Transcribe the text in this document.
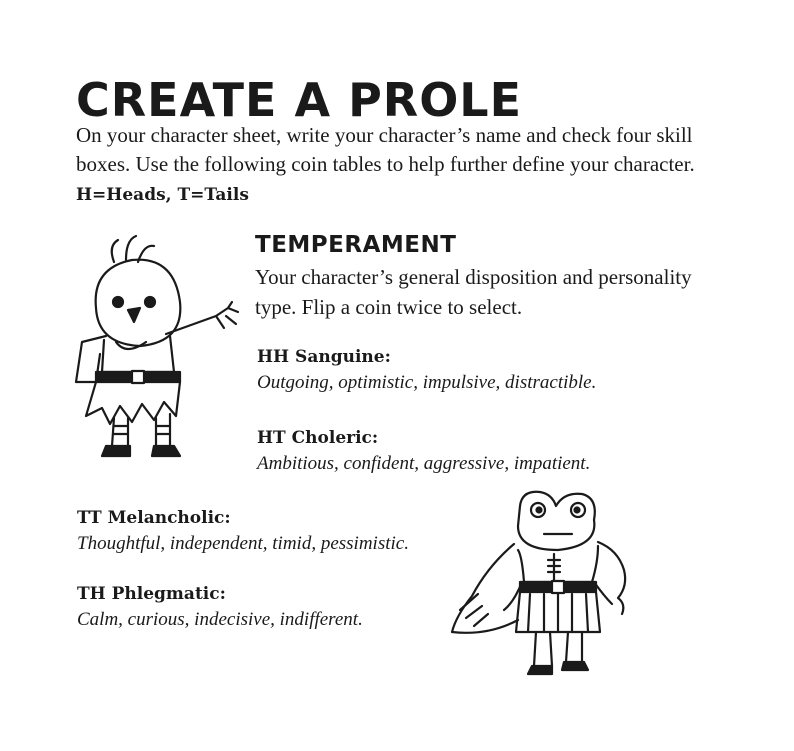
CREATE A PROLE

On your character sheet, write your character’s name and check four skill boxes. Use the following coin tables to help further define your character. H=Heads, T=Tails

TEMPERAMENT

Your character’s general disposition and personality type. Flip a coin twice to select.

HH Sanguine:
Outgoing, optimistic, impulsive, distractible.
HT Choleric:
Ambitious, confident, aggressive, impatient.
TT Melancholic:
Thoughtful, independent, timid, pessimistic.
TH Phlegmatic:
Calm, curious, indecisive, indifferent.
